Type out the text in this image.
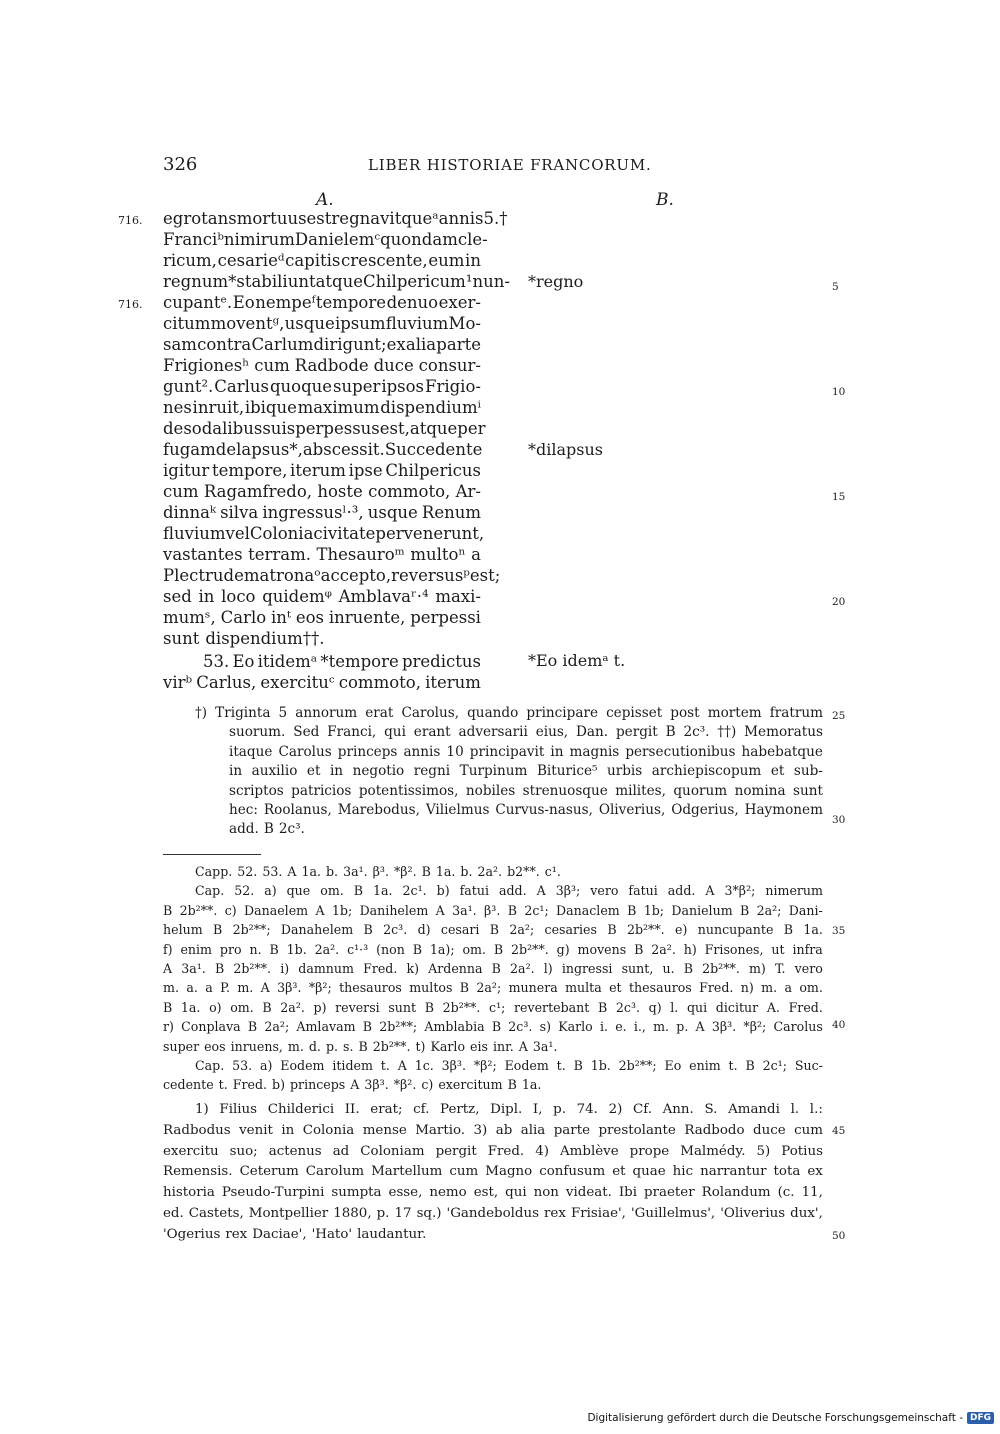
326	LIBER HISTORIAE FRANCORUM.
A.	B.
716.
716.
egrotans mortuus est regnavitqueᵃ annis 5.†
Franciᵇ nimirum Danielemᶜ quondam cle-
ricum, cesarieᵈ capitis crescente, eum in
regnum* stabiliunt atque Chilpericum¹ nun-
cupantᵉ. Eo nempeᶠ tempore denuo exer-
citum moventᵍ, usque ipsum fluvium Mo-
sam contra Carlum dirigunt; ex alia parte
Frigionesʰ cum Radbode duce consur-
gunt². Carlus quoque super ipsos Frigio-
nes inruit, ibique maximum dispendiumⁱ
de sodalibus suis perpessus est, atque per
fugam delapsus*, abscessit. Succedente
igitur tempore, iterum ipse Chilpericus
cum Ragamfredo, hoste commoto, Ar-
dinnaᵏ silva ingressusˡ·³, usque Renum
fluvium vel Colonia civitate pervenerunt,
vastantes terram. Thesauroᵐ multoⁿ a
Plectrude matronaᵒ accepto, reversusᵖ est;
sed in loco quidemᵠ Amblavaʳ·⁴ maxi-
mumˢ, Carlo inᵗ eos inruente, perpessi
sunt dispendium††.
53. Eo itidemᵃ *tempore predictus
virᵇ Carlus, exercituᶜ commoto, iterum
*regno
*dilapsus
*Eo idemᵃ t.
5
10
15
20
25
30
35
40
45
50
†) Triginta 5 annorum erat Carolus, quando principare cepisset post mortem fratrum
suorum. Sed Franci, qui erant adversarii eius, Dan. pergit B 2c³. ††) Memoratus
itaque Carolus princeps annis 10 principavit in magnis persecutionibus habebatque
in auxilio et in negotio regni Turpinum Biturice⁵ urbis archiepiscopum et sub-
scriptos patricios potentissimos, nobiles strenuosque milites, quorum nomina sunt
hec: Roolanus, Marebodus, Vilielmus Curvus-nasus, Oliverius, Odgerius, Haymonem
add. B 2c³.
Capp. 52. 53. A 1a. b. 3a¹. β³. *β². B 1a. b. 2a². b2**. c¹.
Cap. 52. a) que om. B 1a. 2c¹. b) fatui add. A 3β³; vero fatui add. A 3*β²; nimerum
B 2b²**. c) Danaelem A 1b; Danihelem A 3a¹. β³. B 2c¹; Danaclem B 1b; Danielum B 2a²; Dani-
helum B 2b²**; Danahelem B 2c³. d) cesari B 2a²; cesaries B 2b²**. e) nuncupante B 1a.
f) enim pro n. B 1b. 2a². c¹·³ (non B 1a); om. B 2b²**. g) movens B 2a². h) Frisones, ut infra
A 3a¹. B 2b²**. i) damnum Fred. k) Ardenna B 2a². l) ingressi sunt, u. B 2b²**. m) T. vero
m. a. a P. m. A 3β³. *β²; thesauros multos B 2a²; munera multa et thesauros Fred. n) m. a om.
B 1a. o) om. B 2a². p) reversi sunt B 2b²**. c¹; revertebant B 2c³. q) l. qui dicitur A. Fred.
r) Conplava B 2a²; Amlavam B 2b²**; Amblabia B 2c³. s) Karlo i. e. i., m. p. A 3β³. *β²; Carolus
super eos inruens, m. d. p. s. B 2b²**. t) Karlo eis inr. A 3a¹.
Cap. 53. a) Eodem itidem t. A 1c. 3β³. *β²; Eodem t. B 1b. 2b²**; Eo enim t. B 2c¹; Suc-
cedente t. Fred. b) princeps A 3β³. *β². c) exercitum B 1a.
1) Filius Childerici II. erat; cf. Pertz, Dipl. I, p. 74. 2) Cf. Ann. S. Amandi l. l.:
Radbodus venit in Colonia mense Martio. 3) ab alia parte prestolante Radbodo duce cum
exercitu suo; actenus ad Coloniam pergit Fred. 4) Amblève prope Malmédy. 5) Potius
Remensis. Ceterum Carolum Martellum cum Magno confusum et quae hic narrantur tota ex
historia Pseudo-Turpini sumpta esse, nemo est, qui non videat. Ibi praeter Rolandum (c. 11,
ed. Castets, Montpellier 1880, p. 17 sq.) 'Gandeboldus rex Frisiae', 'Guillelmus', 'Oliverius dux',
'Ogerius rex Daciae', 'Hato' laudantur.
Digitalisierung gefördert durch die Deutsche Forschungsgemeinschaft - DFG
